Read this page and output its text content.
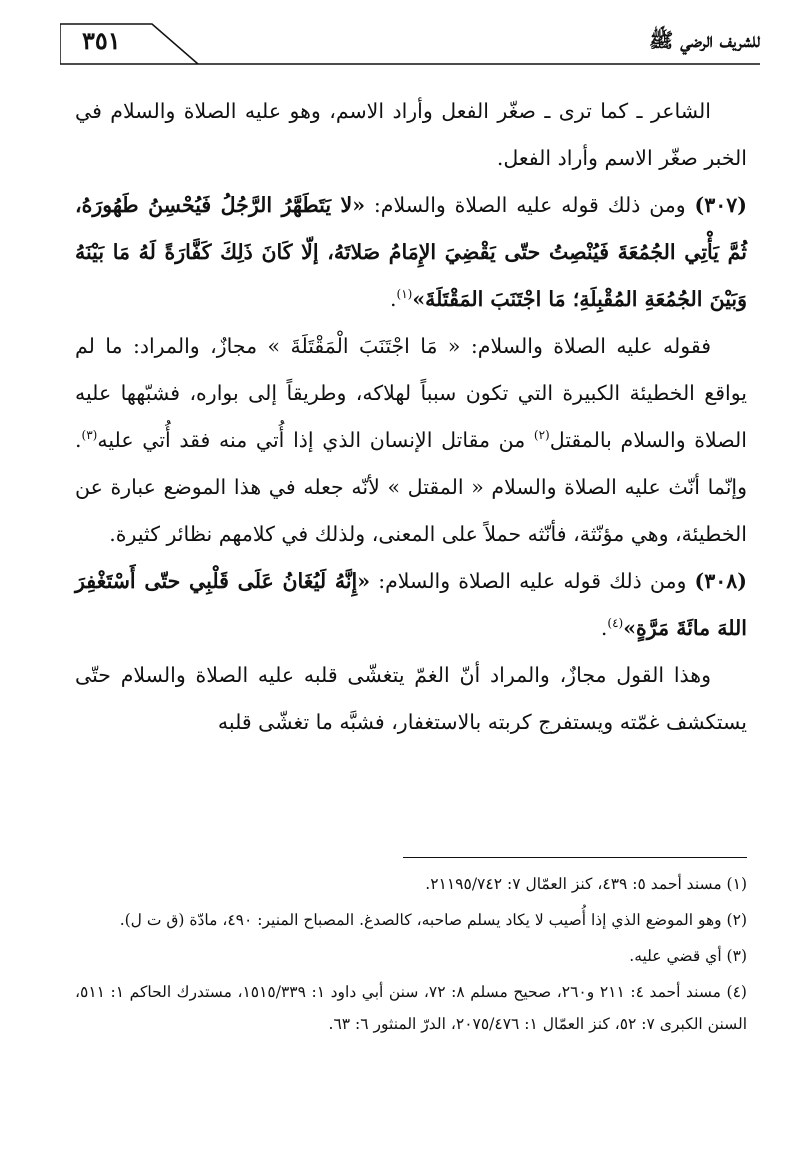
٣٥١	للشريف الرضي ﷺ

الشاعر ـ كما ترى ـ صغّر الفعل وأراد الاسم، وهو عليه الصلاة والسلام في الخبر صغّر الاسم وأراد الفعل.

(٣٠٧) ومن ذلك قوله عليه الصلاة والسلام: «لا يَتَطَهَّرُ الرَّجُلُ فَيُحْسِنُ طَهُورَهُ، ثُمَّ يَأْتِي الجُمُعَةَ فَيُنْصِتُ حتّى يَقْضِيَ الإِمَامُ صَلاتَهُ، إلّا كَانَ ذَلِكَ كَفَّارَةً لَهُ مَا بَيْنَهُ وَبَيْنَ الجُمُعَةِ المُقْبِلَةِ؛ مَا اجْتَنَبَ المَقْتَلَةَ»$^{(١)}$.

فقوله عليه الصلاة والسلام: « مَا اجْتَنَبَ الْمَقْتَلَةَ » مجازٌ، والمراد: ما لم يواقع الخطيئة الكبيرة التي تكون سبباً لهلاكه، وطريقاً إلى بواره، فشبّهها عليه الصلاة والسلام بالمقتل$^{(٢)}$ من مقاتل الإنسان الذي إذا أُتي منه فقد أُتي عليه$^{(٣)}$. وإنّما أنّث عليه الصلاة والسلام « المقتل » لأنّه جعله في هذا الموضع عبارة عن الخطيئة، وهي مؤنّثة، فأنّثه حملاً على المعنى، ولذلك في كلامهم نظائر كثيرة.

(٣٠٨) ومن ذلك قوله عليه الصلاة والسلام: «إِنَّهُ لَيُغَانُ عَلَى قَلْبِي حتّى أَسْتَغْفِرَ اللهَ مائَةَ مَرَّةٍ»$^{(٤)}$.

وهذا القول مجازٌ، والمراد أنّ الغمّ يتغشّى قلبه عليه الصلاة والسلام حتّى يستكشف غمّته ويستفرج كربته بالاستغفار، فشبَّه ما تغشّى قلبه

(١) مسند أحمد ٥: ٤٣٩، كنز العمّال ٧: ٢١١٩٥/٧٤٢.

(٢) وهو الموضع الذي إذا أُصيب لا يكاد يسلم صاحبه، كالصدغ. المصباح المنير: ٤٩٠، مادّة (ق ت ل).

(٣) أي قضي عليه.

(٤) مسند أحمد ٤: ٢١١ و٢٦٠، صحيح مسلم ٨: ٧٢، سنن أبي داود ١: ١٥١٥/٣٣٩، مستدرك الحاكم ١: ٥١١، السنن الكبرى ٧: ٥٢، كنز العمّال ١: ٢٠٧٥/٤٧٦، الدرّ المنثور ٦: ٦٣.
